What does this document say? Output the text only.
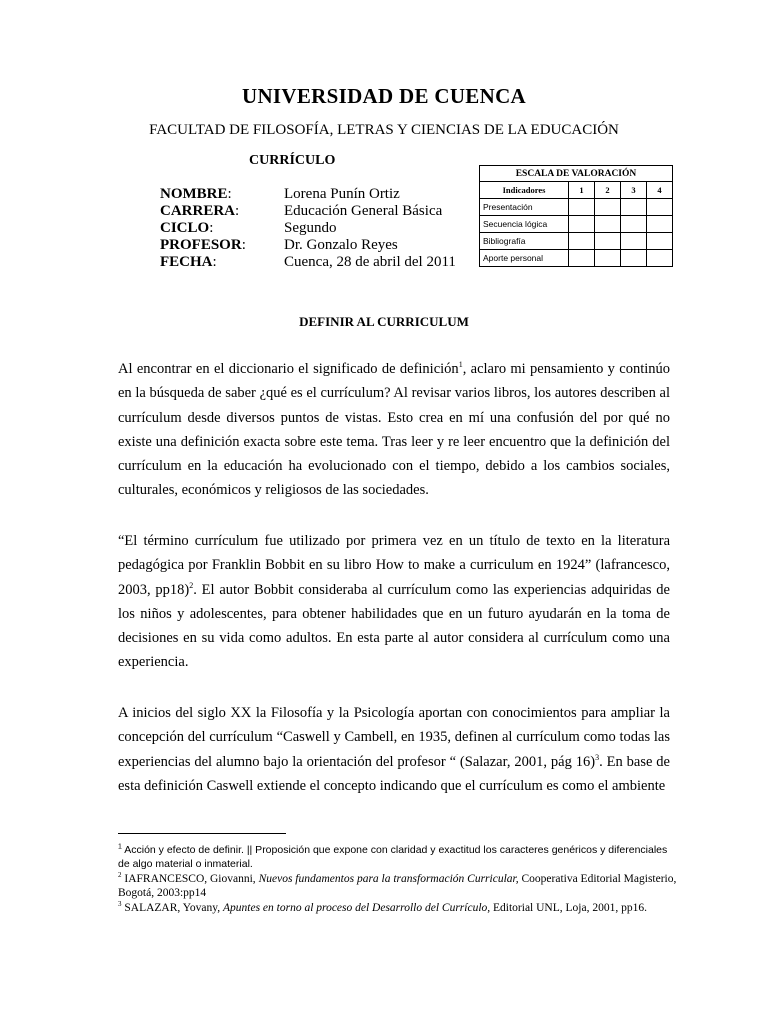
UNIVERSIDAD DE CUENCA
FACULTAD DE FILOSOFÍA, LETRAS Y CIENCIAS DE LA EDUCACIÓN
CURRÍCULO
NOMBRE:	Lorena Punín Ortiz
CARRERA:	Educación General Básica
CICLO:	Segundo
PROFESOR:	Dr. Gonzalo Reyes
FECHA:	Cuenca, 28 de abril del 2011
ESCALA DE VALORACIÓN				
Indicadores	1	2	3	4
Presentación				
Secuencia lógica				
Bibliografía				
Aporte personal				
DEFINIR AL CURRICULUM
Al encontrar en el diccionario el significado de definición$^1$, aclaro mi pensamiento y continúo en la búsqueda de saber ¿qué es el currículum? Al revisar varios libros, los autores describen al currículum desde diversos puntos de vistas. Esto crea en mí una confusión del por qué no existe una definición exacta sobre este tema. Tras leer y re leer encuentro que la definición del currículum en la educación ha evolucionado con el tiempo, debido a los cambios sociales, culturales, económicos y religiosos de las sociedades.
“El término currículum fue utilizado por primera vez en un título de texto en la literatura pedagógica por Franklin Bobbit en su libro How to make a curriculum en 1924” (lafrancesco, 2003, pp18)$^2$. El autor Bobbit consideraba al currículum como las experiencias adquiridas de los niños y adolescentes, para obtener habilidades que en un futuro ayudarán en la toma de decisiones en su vida como adultos. En esta parte al autor considera al currículum como una experiencia.
A inicios del siglo XX la Filosofía y la Psicología aportan con conocimientos para ampliar la concepción del currículum “Caswell y Cambell, en 1935, definen al currículum como todas las experiencias del alumno bajo la orientación del profesor “ (Salazar, 2001, pág 16)$^3$. En base de esta definición Caswell extiende el concepto indicando que el currículum es como el ambiente
$^1$ Acción y efecto de definir. || Proposición que expone con claridad y exactitud los caracteres genéricos y diferenciales de algo material o inmaterial.
$^2$ IAFRANCESCO, Giovanni, Nuevos fundamentos para la transformación Curricular, Cooperativa Editorial Magisterio, Bogotá, 2003:pp14
$^3$ SALAZAR, Yovany, Apuntes en torno al proceso del Desarrollo del Currículo, Editorial UNL, Loja, 2001, pp16.
